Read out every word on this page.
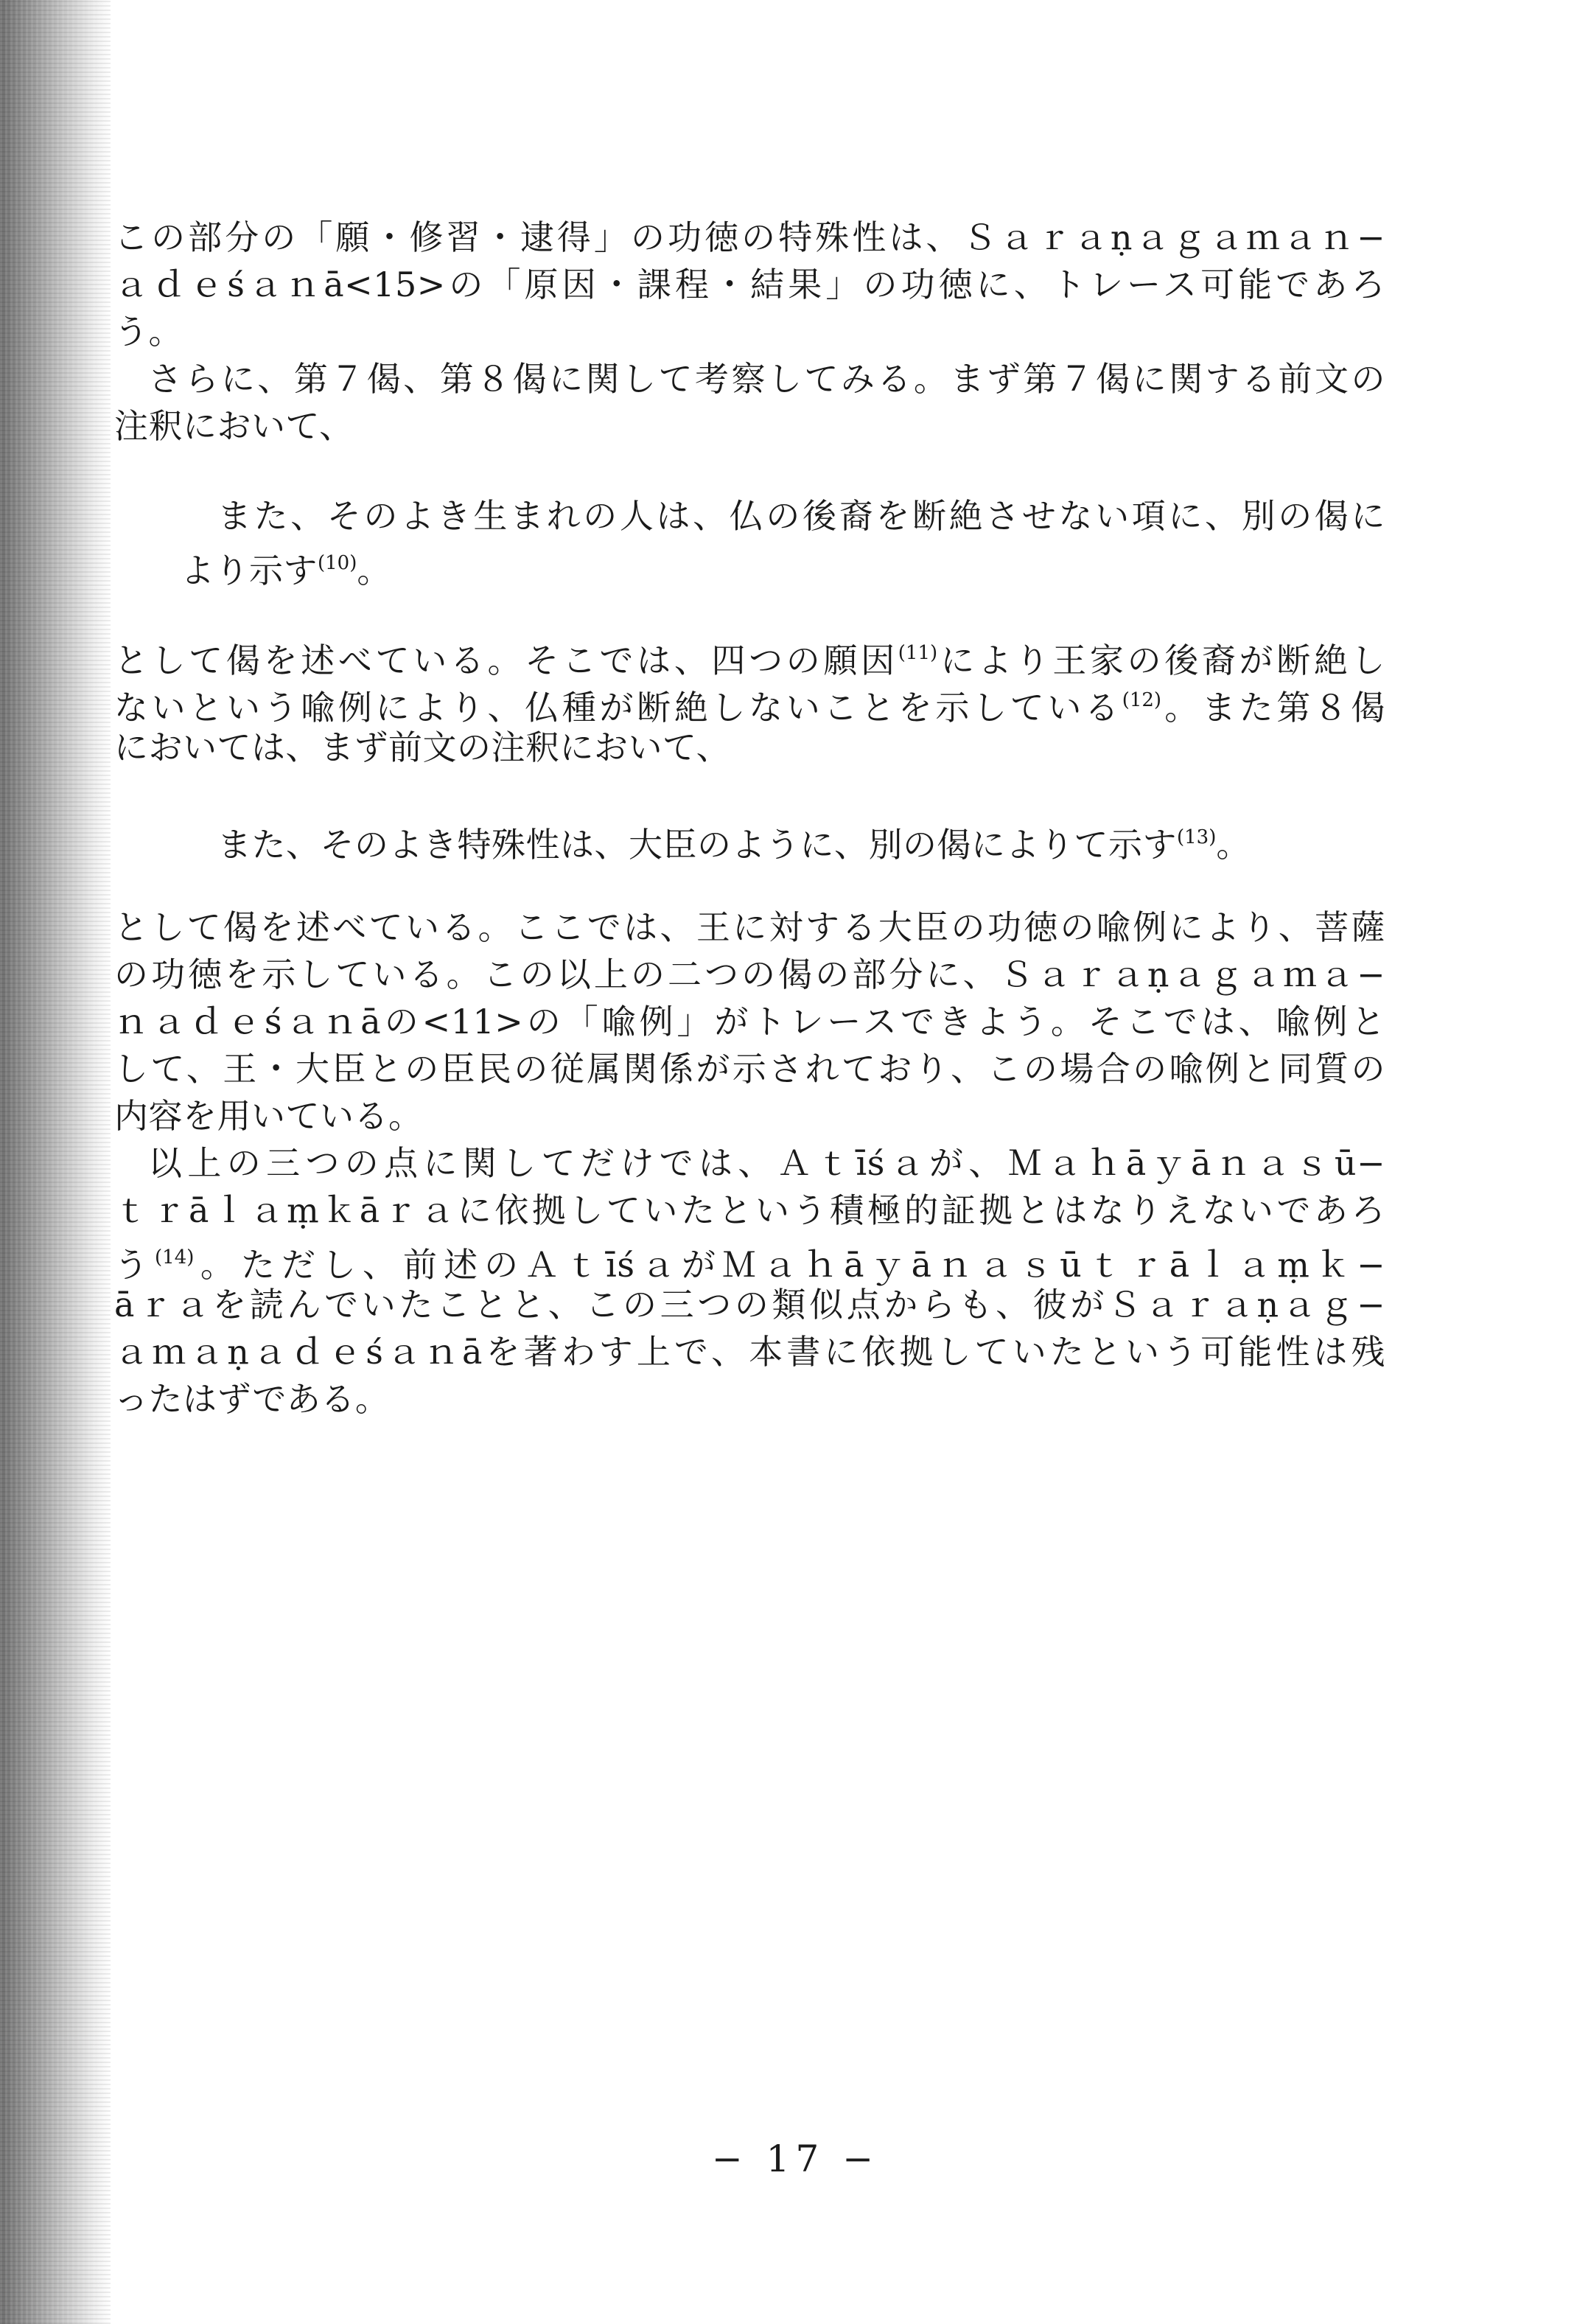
この部分の「願・修習・逮得」の功徳の特殊性は、Ｓａｒａṇａｇａｍａｎ−
ａｄｅśａｎā<15>の「原因・課程・結果」の功徳に、トレース可能であろ
う。
さらに、第７偈、第８偈に関して考察してみる。まず第７偈に関する前文の
注釈において、
また、そのよき生まれの人は、仏の後裔を断絶させない項に、別の偈に
より示す$^{(10)}$。
として偈を述べている。そこでは、四つの願因$^{(11)}$により王家の後裔が断絶し
ないという喩例により、仏種が断絶しないことを示している$^{(12)}$。また第８偈
においては、まず前文の注釈において、
また、そのよき特殊性は、大臣のように、別の偈によりて示す$^{(13)}$。
として偈を述べている。ここでは、王に対する大臣の功徳の喩例により、菩薩
の功徳を示している。この以上の二つの偈の部分に、Ｓａｒａṇａｇａｍａ−
ｎａｄｅśａｎāの<11>の「喩例」がトレースできよう。そこでは、喩例と
して、王・大臣との臣民の従属関係が示されており、この場合の喩例と同質の
内容を用いている。
以上の三つの点に関してだけでは、Ａｔīśａが、Ｍａｈāｙāｎａｓū−
ｔｒāｌａṃｋāｒａに依拠していたという積極的証拠とはなりえないであろ
う$^{(14)}$。ただし、前述のＡｔīśａがＭａｈāｙāｎａｓūｔｒāｌａṃｋ−
āｒａを読んでいたことと、この三つの類似点からも、彼がＳａｒａṇａｇ−
ａｍａṇａｄｅśａｎāを著わす上で、本書に依拠していたという可能性は残
ったはずである。
− 17 −
